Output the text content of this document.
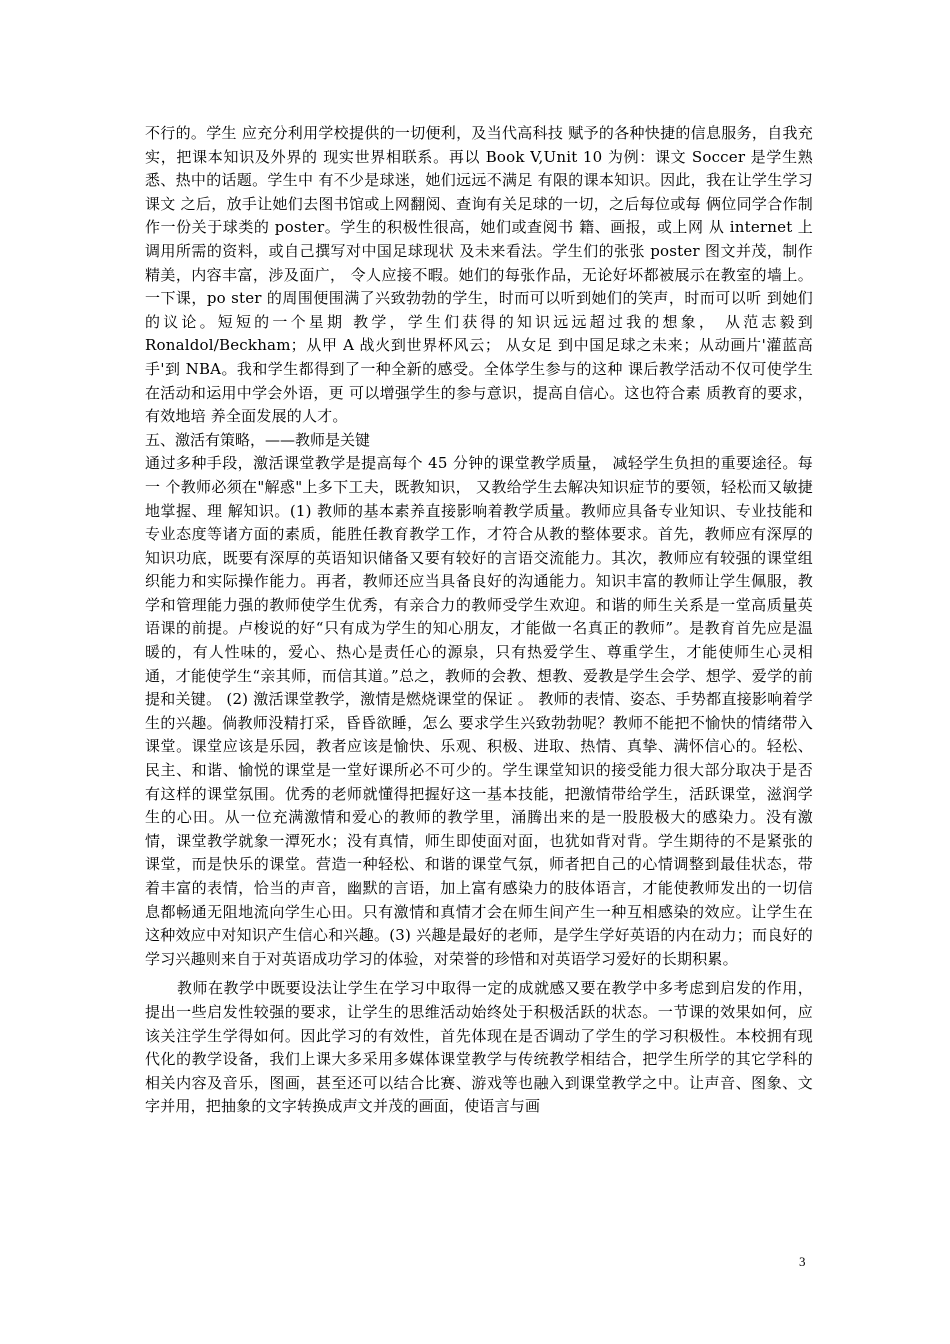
不行的。学生 应充分利用学校提供的一切便利，及当代高科技 赋予的各种快捷的信息服务，自我充实，把课本知识及外界的 现实世界相联系。再以 Book V,Unit 10 为例：课文 Soccer 是学生熟悉、热中的话题。学生中 有不少是球迷，她们远远不满足 有限的课本知识。因此，我在让学生学习课文 之后，放手让她们去图书馆或上网翻阅、查询有关足球的一切，之后每位或每 俩位同学合作制作一份关于球类的 poster。学生的积极性很高，她们或查阅书 籍、画报，或上网 从 internet 上调用所需的资料，或自己撰写对中国足球现状 及未来看法。学生们的张张 poster 图文并茂，制作 精美，内容丰富，涉及面广， 令人应接不暇。她们的每张作品，无论好坏都被展示在教室的墙上。一下课，po ster 的周围便围满了兴致勃勃的学生，时而可以听到她们的笑声，时而可以听 到她们的议论。短短的一个星期 教学，学生们获得的知识远远超过我的想象， 从范志毅到 Ronaldol/Beckham；从甲 A 战火到世界杯风云； 从女足 到中国足球之未来；从动画片'灌蓝高手'到 NBA。我和学生都得到了一种全新的感受。全体学生参与的这种 课后教学活动不仅可使学生在活动和运用中学会外语，更 可以增强学生的参与意识，提高自信心。这也符合素 质教育的要求，有效地培 养全面发展的人才。

五、激活有策略，——教师是关键

通过多种手段，激活课堂教学是提高每个 45 分钟的课堂教学质量， 减轻学生负担的重要途径。每一 个教师必须在"解惑"上多下工夫，既教知识， 又教给学生去解决知识症节的要领，轻松而又敏捷地掌握、理 解知识。(1) 教师的基本素养直接影响着教学质量。教师应具备专业知识、专业技能和专业态度等诸方面的素质，能胜任教育教学工作，才符合从教的整体要求。首先，教师应有深厚的知识功底，既要有深厚的英语知识储备又要有较好的言语交流能力。其次，教师应有较强的课堂组织能力和实际操作能力。再者，教师还应当具备良好的沟通能力。知识丰富的教师让学生佩服，教学和管理能力强的教师使学生优秀，有亲合力的教师受学生欢迎。和谐的师生关系是一堂高质量英语课的前提。卢梭说的好“只有成为学生的知心朋友，才能做一名真正的教师”。是教育首先应是温暖的，有人性味的，爱心、热心是责任心的源泉，只有热爱学生、尊重学生，才能使师生心灵相通，才能使学生“亲其师，而信其道。”总之，教师的会教、想教、爱教是学生会学、想学、爱学的前提和关键。 (2) 激活课堂教学，激情是燃烧课堂的保证 。 教师的表情、姿态、手势都直接影响着学生的兴趣。倘教师没精打采，昏昏欲睡，怎么 要求学生兴致勃勃呢？教师不能把不愉快的情绪带入课堂。课堂应该是乐园，教者应该是愉快、乐观、积极、进取、热情、真挚、满怀信心的。轻松、民主、和谐、愉悦的课堂是一堂好课所必不可少的。学生课堂知识的接受能力很大部分取决于是否有这样的课堂氛围。优秀的老师就懂得把握好这一基本技能，把激情带给学生，活跃课堂，滋润学生的心田。从一位充满激情和爱心的教师的教学里，涌腾出来的是一股股极大的感染力。没有激情，课堂教学就象一潭死水；没有真情，师生即使面对面，也犹如背对背。学生期待的不是紧张的课堂，而是快乐的课堂。营造一种轻松、和谐的课堂气氛，师者把自己的心情调整到最佳状态，带着丰富的表情，恰当的声音，幽默的言语，加上富有感染力的肢体语言，才能使教师发出的一切信息都畅通无阻地流向学生心田。只有激情和真情才会在师生间产生一种互相感染的效应。让学生在这种效应中对知识产生信心和兴趣。(3) 兴趣是最好的老师，是学生学好英语的内在动力；而良好的学习兴趣则来自于对英语成功学习的体验，对荣誉的珍惜和对英语学习爱好的长期积累。

教师在教学中既要设法让学生在学习中取得一定的成就感又要在教学中多考虑到启发的作用，提出一些启发性较强的要求，让学生的思维活动始终处于积极活跃的状态。一节课的效果如何，应该关注学生学得如何。因此学习的有效性，首先体现在是否调动了学生的学习积极性。本校拥有现代化的教学设备，我们上课大多采用多媒体课堂教学与传统教学相结合，把学生所学的其它学科的相关内容及音乐，图画，甚至还可以结合比赛、游戏等也融入到课堂教学之中。让声音、图象、文字并用，把抽象的文字转换成声文并茂的画面，使语言与画

3
